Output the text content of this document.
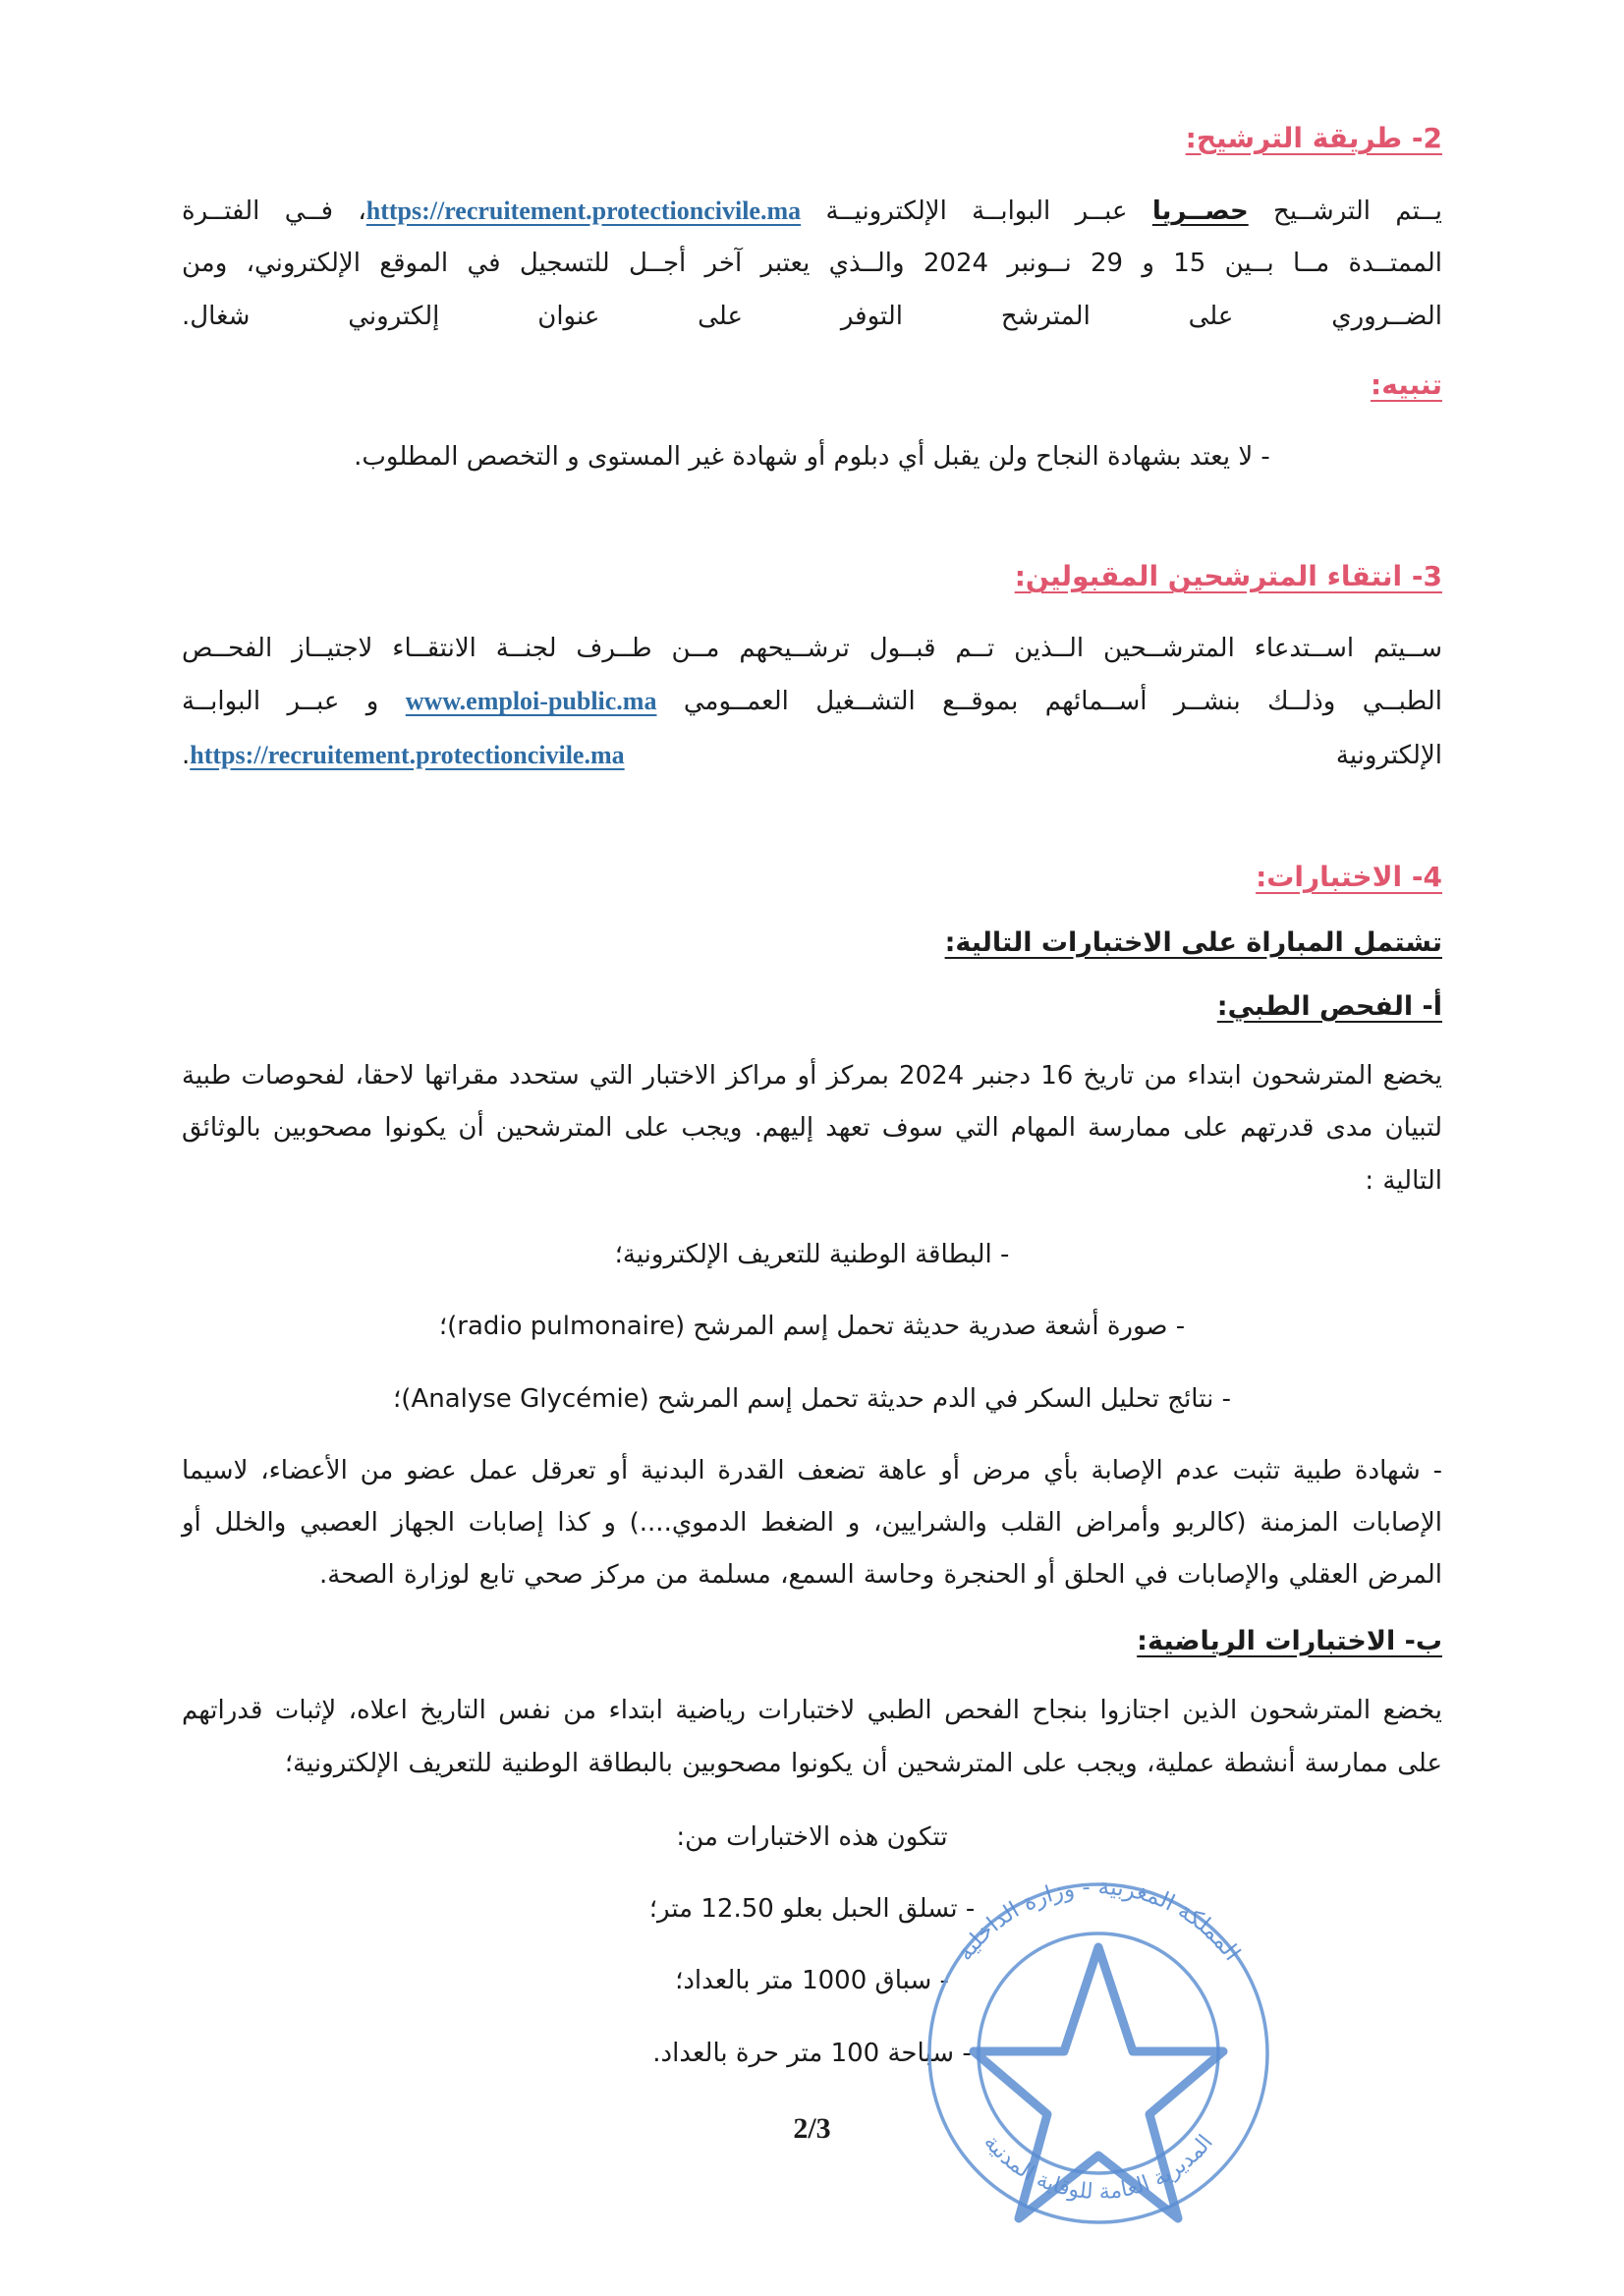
2- طريقة الترشيح:
يــتم الترشــيح حصــريا عبــر البوابــة الإلكترونيــة https://recruitement.protectioncivile.ma، فــي الفتــرة الممتــدة مــا بــين 15 و 29 نــونبر 2024 والــذي يعتبر آخر أجــل للتسجيل في الموقع الإلكتروني، ومن الضــروري على المترشح التوفر على عنوان إلكتروني شغال.
تنبيه:
- لا يعتد بشهادة النجاح ولن يقبل أي دبلوم أو شهادة غير المستوى و التخصص المطلوب.
3- انتقاء المترشحين المقبولين:
ســيتم اســتدعاء المترشــحين الــذين تــم قبــول ترشــيحهم مــن طــرف لجنــة الانتقــاء لاجتيــاز الفحــص الطبــي وذلــك بنشــر أســمائهم بموقــع التشــغيل العمــومي www.emploi-public.ma و عبــر البوابــة الإلكترونية https://recruitement.protectioncivile.ma.
4- الاختبارات:
تشتمل المباراة على الاختبارات التالية:
أ- الفحص الطبي:
يخضع المترشحون ابتداء من تاريخ 16 دجنبر 2024 بمركز أو مراكز الاختبار التي ستحدد مقراتها لاحقا، لفحوصات طبية لتبيان مدى قدرتهم على ممارسة المهام التي سوف تعهد إليهم. ويجب على المترشحين أن يكونوا مصحوبين بالوثائق التالية :
- البطاقة الوطنية للتعريف الإلكترونية؛
- صورة أشعة صدرية حديثة تحمل إسم المرشح (radio pulmonaire)؛
- نتائج تحليل السكر في الدم حديثة تحمل إسم المرشح (Analyse Glycémie)؛
- شهادة طبية تثبت عدم الإصابة بأي مرض أو عاهة تضعف القدرة البدنية أو تعرقل عمل عضو من الأعضاء، لاسيما الإصابات المزمنة (كالربو وأمراض القلب والشرايين، و الضغط الدموي....) و كذا إصابات الجهاز العصبي والخلل أو المرض العقلي والإصابات في الحلق أو الحنجرة وحاسة السمع، مسلمة من مركز صحي تابع لوزارة الصحة.
ب- الاختبارات الرياضية:
يخضع المترشحون الذين اجتازوا بنجاح الفحص الطبي لاختبارات رياضية ابتداء من نفس التاريخ اعلاه، لإثبات قدراتهم على ممارسة أنشطة عملية، ويجب على المترشحين أن يكونوا مصحوبين بالبطاقة الوطنية للتعريف الإلكترونية؛
تتكون هذه الاختبارات من:
- تسلق الحبل بعلو 12.50 متر؛
- سباق 1000 متر بالعداد؛
- سباحة 100 متر حرة بالعداد.
المملكة المغربية - وزارة الداخلية
المديرية العامة للوقاية المدنية
2/3
